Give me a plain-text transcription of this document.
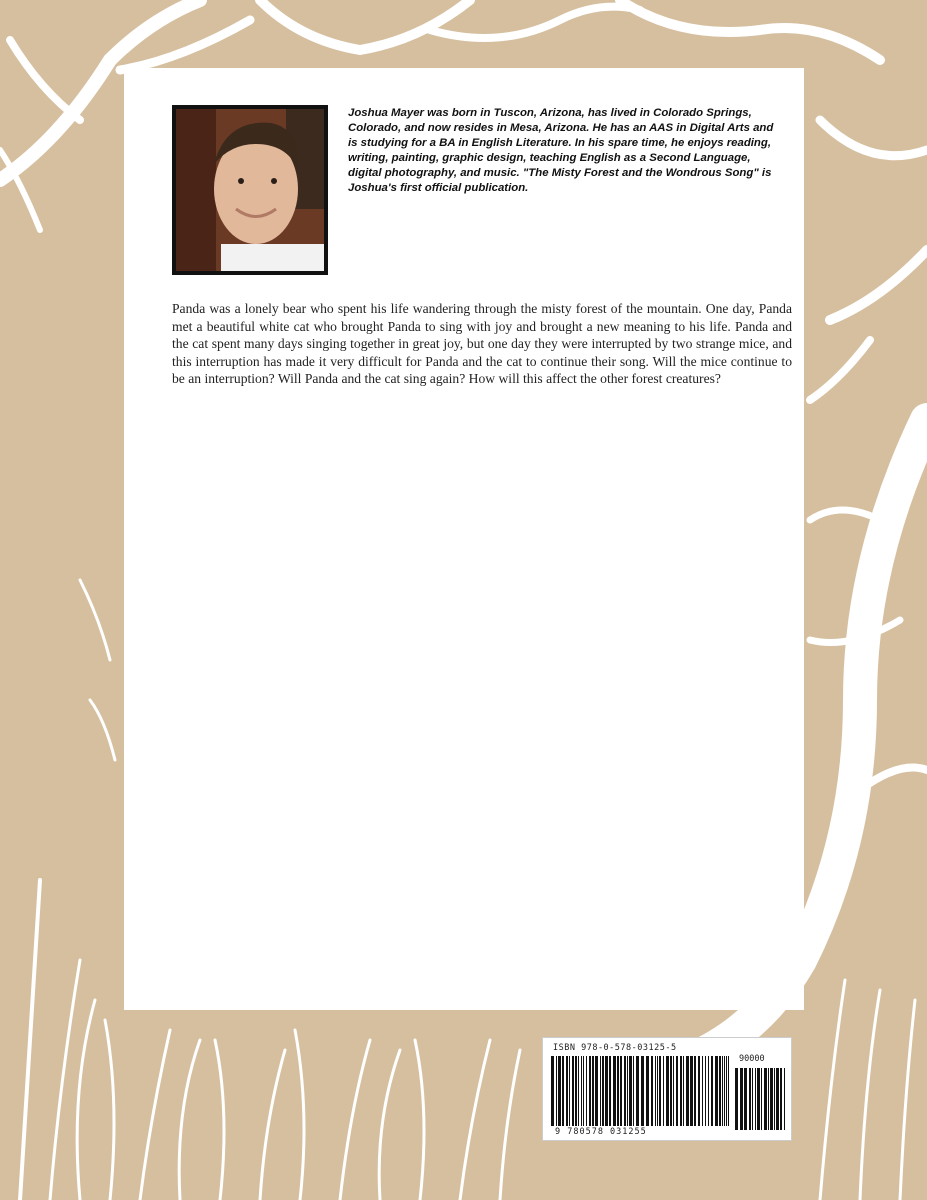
Joshua Mayer was born in Tuscon, Arizona, has lived in Colorado Springs, Colorado, and now resides in Mesa, Arizona. He has an AAS in Digital Arts and is studying for a BA in English Literature. In his spare time, he enjoys reading, writing, painting, graphic design, teaching English as a Second Language, digital photography, and music. "The Misty Forest and the Wondrous Song" is Joshua's first official publication.
Panda was a lonely bear who spent his life wandering through the misty forest of the mountain. One day, Panda met a beautiful white cat who brought Panda to sing with joy and brought a new meaning to his life. Panda and the cat spent many days singing together in great joy, but one day they were interrupted by two strange mice, and this interruption has made it very difficult for Panda and the cat to continue their song. Will the mice continue to be an interruption? Will Panda and the cat sing again? How will this affect the other forest creatures?
ISBN 978-0-578-03125-5
9 780578 031255
90000
